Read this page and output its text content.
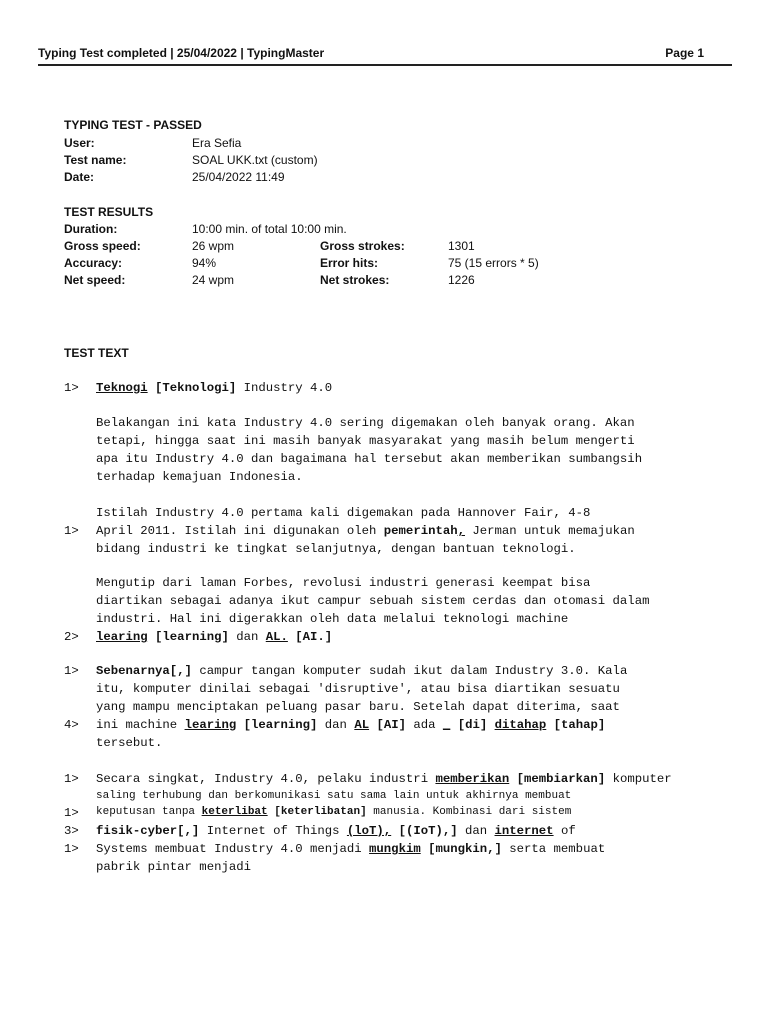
Typing Test completed | 25/04/2022 | TypingMaster	Page 1
TYPING TEST - PASSED
User:	Era Sefia
Test name:	SOAL UKK.txt (custom)
Date:	25/04/2022 11:49
TEST RESULTS
Duration:	10:00 min. of total 10:00 min.
Gross speed:	26 wpm	Gross strokes:	1301
Accuracy:	94%	Error hits:	75 (15 errors * 5)
Net speed:	24 wpm	Net strokes:	1226
TEST TEXT
1> Teknogi [Teknologi] Industry 4.0
Belakangan ini kata Industry 4.0 sering digemakan oleh banyak orang. Akan
tetapi, hingga saat ini masih banyak masyarakat yang masih belum mengerti
apa itu Industry 4.0 dan bagaimana hal tersebut akan memberikan sumbangsih
terhadap kemajuan Indonesia.
Istilah Industry 4.0 pertama kali digemakan pada Hannover Fair, 4-8
1> April 2011. Istilah ini digunakan oleh pemerintah, Jerman untuk memajukan
bidang industri ke tingkat selanjutnya, dengan bantuan teknologi.
Mengutip dari laman Forbes, revolusi industri generasi keempat bisa
diartikan sebagai adanya ikut campur sebuah sistem cerdas dan otomasi dalam
industri. Hal ini digerakkan oleh data melalui teknologi machine
2> learing [learning] dan AL. [AI.]
1> Sebenarnya[,] campur tangan komputer sudah ikut dalam Industry 3.0. Kala
itu, komputer dinilai sebagai 'disruptive', atau bisa diartikan sesuatu
yang mampu menciptakan peluang pasar baru. Setelah dapat diterima, saat
4> ini machine learing [learning] dan AL [AI] ada _ [di] ditahap [tahap]
tersebut.
1> Secara singkat, Industry 4.0, pelaku industri memberikan [membiarkan] komputer
saling terhubung dan berkomunikasi satu sama lain untuk akhirnya membuat
1> keputusan tanpa keterlibat [keterlibatan] manusia. Kombinasi dari sistem
3> fisik-cyber[,] Internet of Things (loT), [(IoT),] dan internet of
1> Systems membuat Industry 4.0 menjadi mungkim [mungkin,] serta membuat
pabrik pintar menjadi
